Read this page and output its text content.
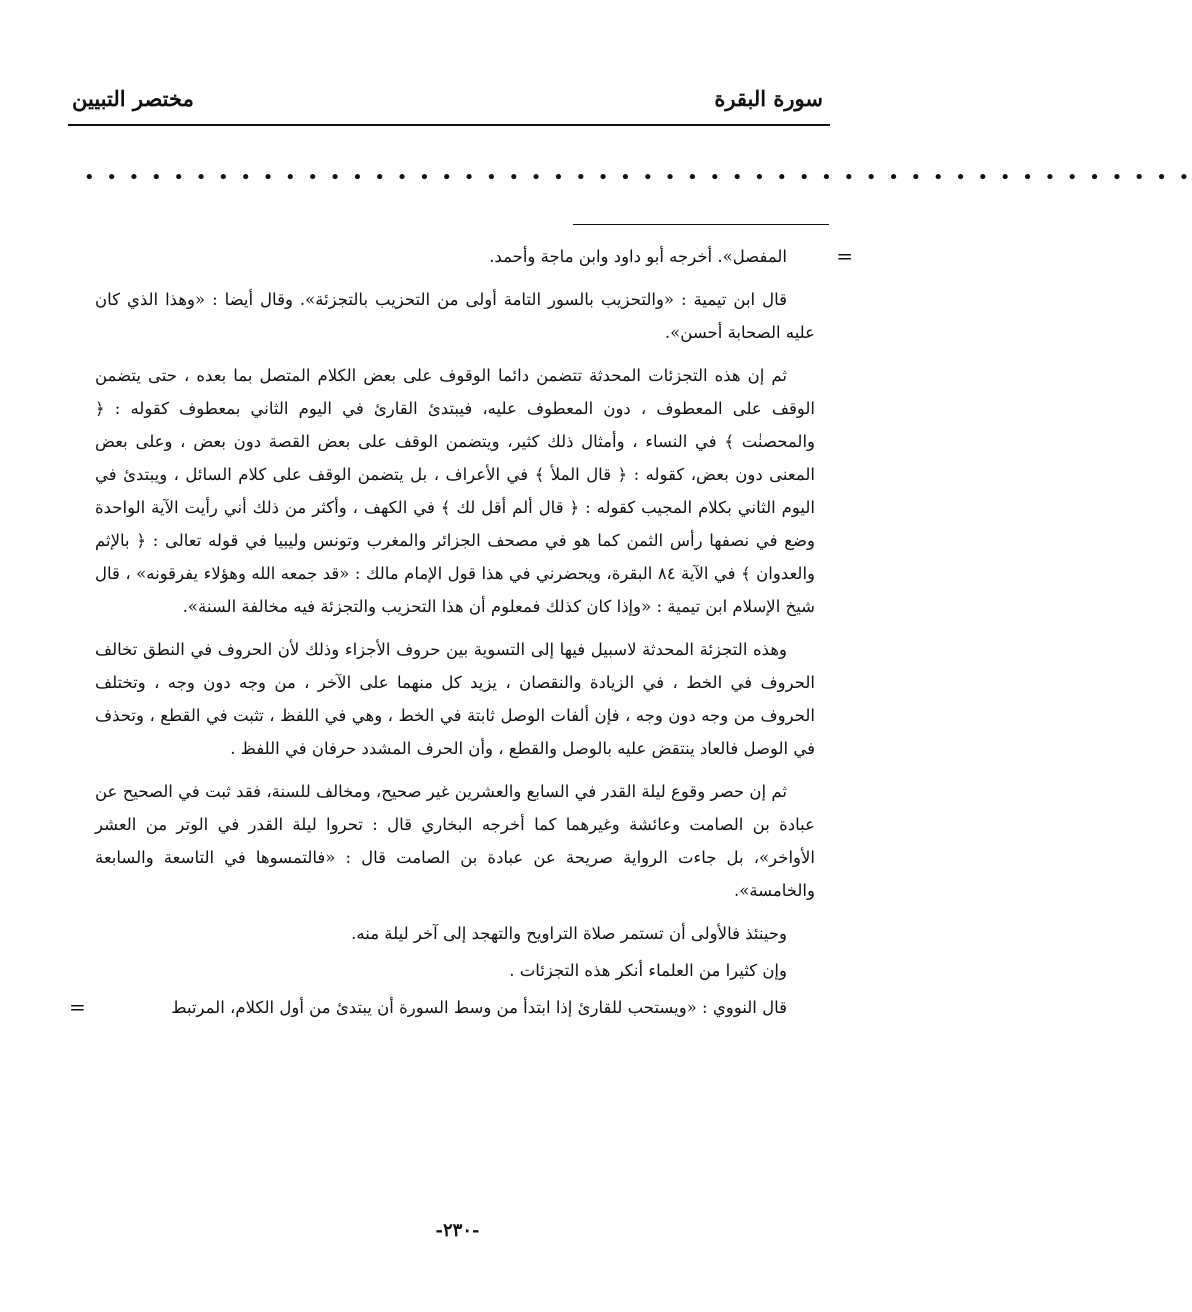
سورة البقرة
مختصر التبيين
• • • • • • • • • • • • • • • • • • • • • • • • • • • • • • • • • • • • • • • • • • • • • • • • • •
=

المفصل». أخرجه أبو داود وابن ماجة وأحمد.

قال ابن تيمية : «والتحزيب بالسور التامة أولى من التحزيب بالتجزئة». وقال أيضا : «وهذا الذي كان عليه الصحابة أحسن».

ثم إن هذه التجزئات المحدثة تتضمن دائما الوقوف على بعض الكلام المتصل بما بعده ، حتى يتضمن الوقف على المعطوف ، دون المعطوف عليه، فيبتدئ القارئ في اليوم الثاني بمعطوف كقوله : ﴿ والمحصنٰت ﴾ في النساء ، وأمثال ذلك كثير، ويتضمن الوقف على بعض القصة دون بعض ، وعلى بعض المعنى دون بعض، كقوله : ﴿ قال الملأ ﴾ في الأعراف ، بل يتضمن الوقف على كلام السائل ، ويبتدئ في اليوم الثاني بكلام المجيب كقوله : ﴿ قال ألم أقل لك ﴾ في الكهف ، وأكثر من ذلك أني رأيت الآية الواحدة وضع في نصفها رأس الثمن كما هو في مصحف الجزائر والمغرب وتونس وليبيا في قوله تعالى : ﴿ بالإثم والعدوان ﴾ في الآية ٨٤ البقرة، ويحضرني في هذا قول الإمام مالك : «قد جمعه الله وهؤلاء يفرقونه» ، قال شيخ الإسلام ابن تيمية : «وإذا كان كذلك فمعلوم أن هذا التحزيب والتجزئة فيه مخالفة السنة».

وهذه التجزئة المحدثة لاسبيل فيها إلى التسوية بين حروف الأجزاء وذلك لأن الحروف في النطق تخالف الحروف في الخط ، في الزيادة والنقصان ، يزيد كل منهما على الآخر ، من وجه دون وجه ، وتختلف الحروف من وجه دون وجه ، فإن ألفات الوصل ثابتة في الخط ، وهي في اللفظ ، تثبت في القطع ، وتحذف في الوصل فالعاد ينتقض عليه بالوصل والقطع ، وأن الحرف المشدد حرفان في اللفظ .

ثم إن حصر وقوع ليلة القدر في السابع والعشرين غير صحيح، ومخالف للسنة، فقد ثبت في الصحيح عن عبادة بن الصامت وعائشة وغيرهما كما أخرجه البخاري قال : تحروا ليلة القدر في الوتر من العشر الأواخر»، بل جاءت الرواية صريحة عن عبادة بن الصامت قال : «فالتمسوها في التاسعة والسابعة والخامسة».

وحينئذ فالأولى أن تستمر صلاة التراويح والتهجد إلى آخر ليلة منه.

وإن كثيرا من العلماء أنكر هذه التجزئات .

قال النووي : «ويستحب للقارئ إذا ابتدأ من وسط السورة أن يبتدئ من أول الكلام، المرتبط

=
-٢٣٠-
